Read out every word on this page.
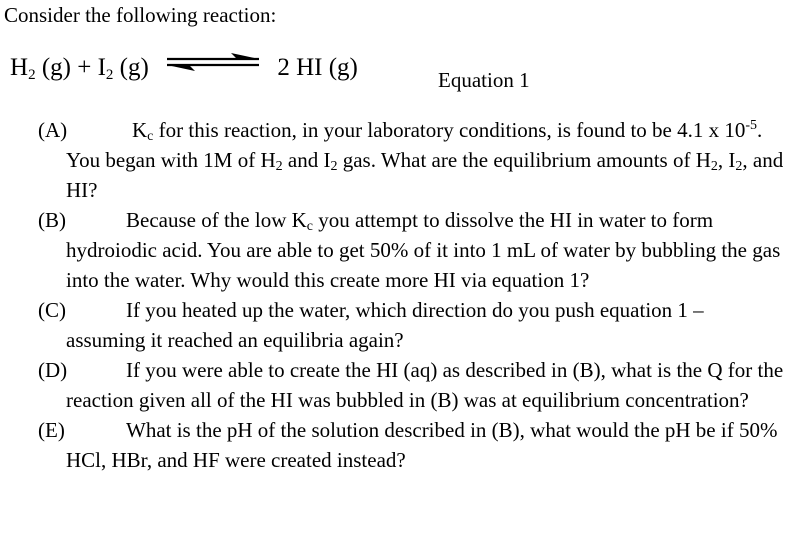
Consider the following reaction:
$H_2$ $(g) + I_2$ (g) ⇌ 2 HI (g)	Equation 1
(A)	$K_c$ for this reaction, in your laboratory conditions, is found to be 4.1 x $10^{-5}$. You began with 1M of $H_2$ and $I_2$ gas. What are the equilibrium amounts of $H_2$, $I_2$, and HI?
(B)	Because of the low $K_c$ you attempt to dissolve the HI in water to form hydroiodic acid. You are able to get 50% of it into 1 mL of water by bubbling the gas into the water. Why would this create more HI via equation 1?
(C)	If you heated up the water, which direction do you push equation 1 – assuming it reached an equilibria again?
(D)	If you were able to create the HI (aq) as described in (B), what is the Q for the reaction given all of the HI was bubbled in (B) was at equilibrium concentration?
(E)	What is the pH of the solution described in (B), what would the pH be if 50% HCl, HBr, and HF were created instead?
